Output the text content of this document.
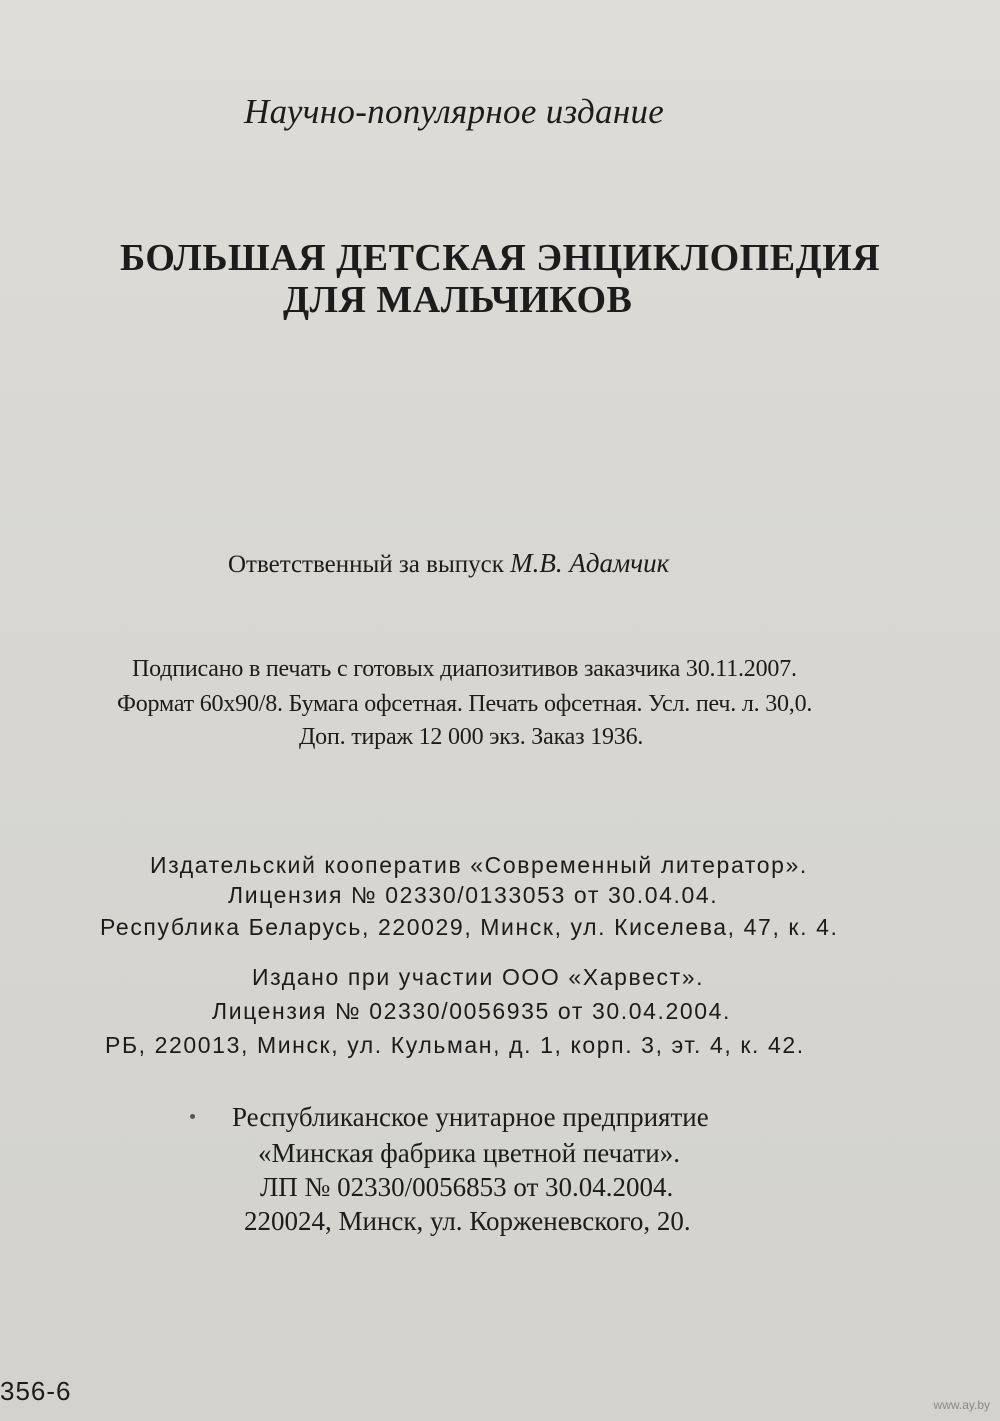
Научно-популярное издание
БОЛЬШАЯ ДЕТСКАЯ ЭНЦИКЛОПЕДИЯ
ДЛЯ МАЛЬЧИКОВ
Ответственный за выпуск М.В. Адамчик
Подписано в печать с готовых диапозитивов заказчика 30.11.2007.
Формат 60х90/8. Бумага офсетная. Печать офсетная. Усл. печ. л. 30,0.
Доп. тираж 12 000 экз. Заказ 1936.
Издательский кооператив «Современный литератор».
Лицензия № 02330/0133053 от 30.04.04.
Республика Беларусь, 220029, Минск, ул. Киселева, 47, к. 4.
Издано при участии ООО «Харвест».
Лицензия № 02330/0056935 от 30.04.2004.
РБ, 220013, Минск, ул. Кульман, д. 1, корп. 3, эт. 4, к. 42.
Республиканское унитарное предприятие
«Минская фабрика цветной печати».
ЛП № 02330/0056853 от 30.04.2004.
220024, Минск, ул. Корженевского, 20.
356-6	www.ay.by
